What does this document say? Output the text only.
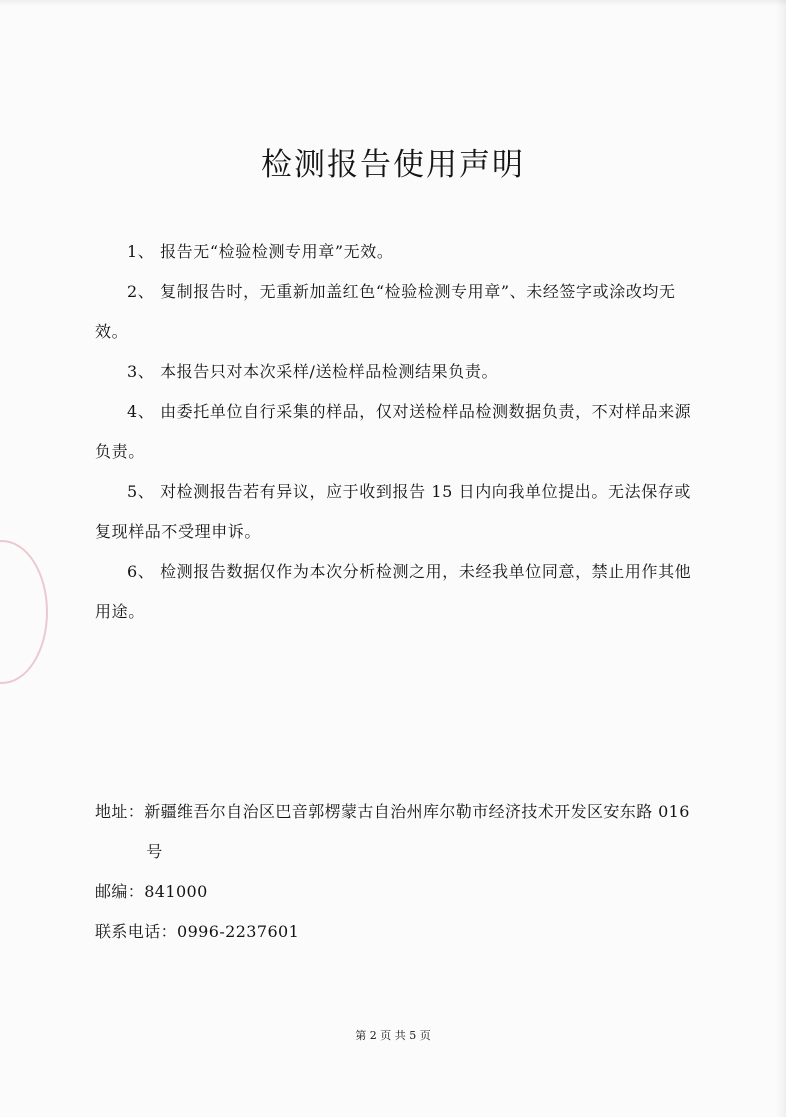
检测报告使用声明
1、 报告无“检验检测专用章”无效。
2、 复制报告时，无重新加盖红色“检验检测专用章”、未经签字或涂改均无效。
3、 本报告只对本次采样/送检样品检测结果负责。
4、 由委托单位自行采集的样品，仅对送检样品检测数据负责，不对样品来源负责。
5、 对检测报告若有异议，应于收到报告 15 日内向我单位提出。无法保存或复现样品不受理申诉。
6、 检测报告数据仅作为本次分析检测之用，未经我单位同意，禁止用作其他用途。
地址：新疆维吾尔自治区巴音郭楞蒙古自治州库尔勒市经济技术开发区安东路 016 号
邮编：841000
联系电话：0996-2237601
第 2 页 共 5 页
